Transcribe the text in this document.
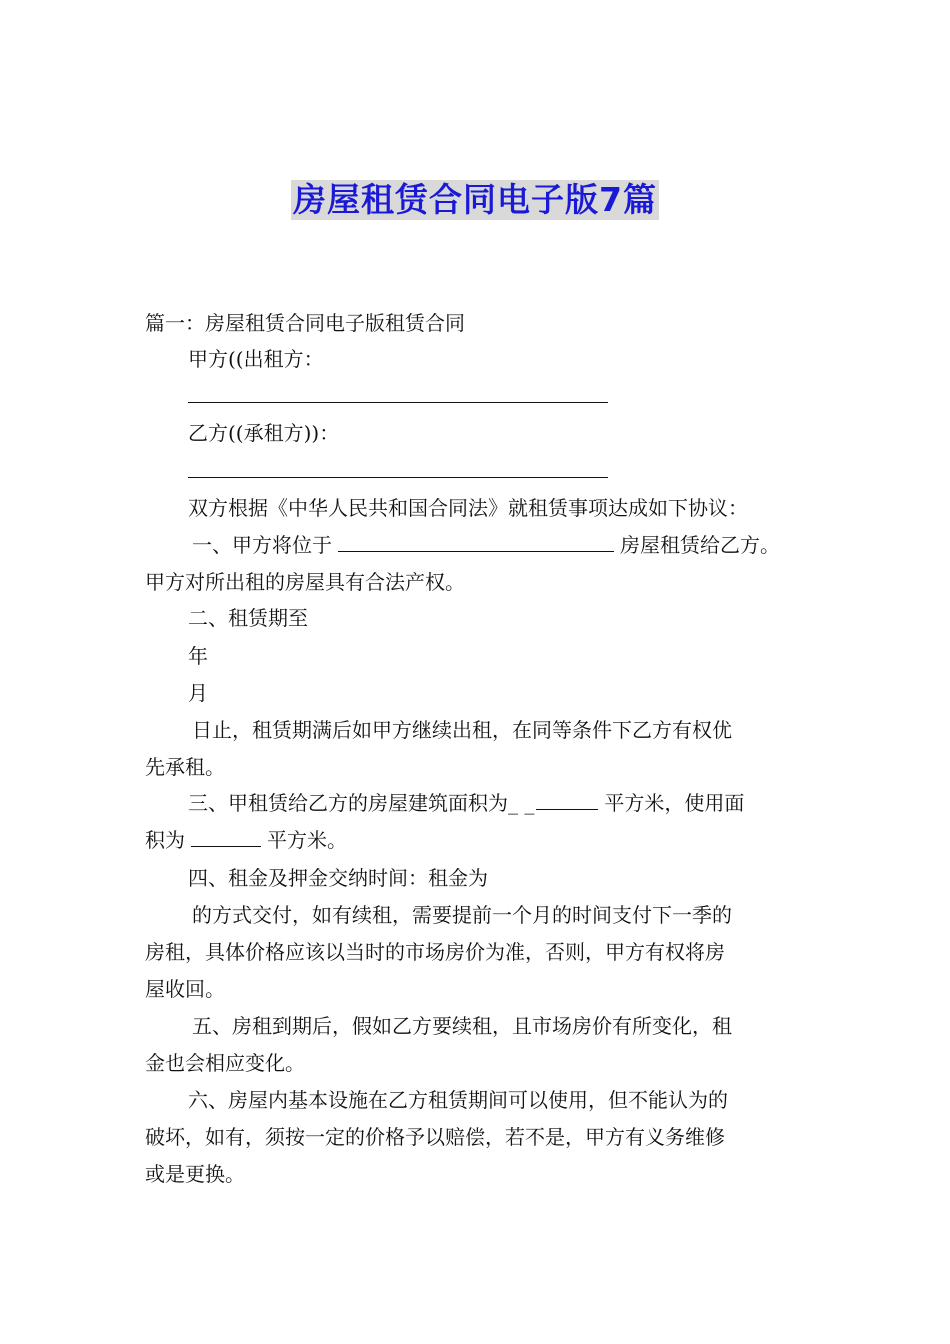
房屋租赁合同电子版7篇
篇一：房屋租赁合同电子版租赁合同
甲方((出租方：
乙方((承租方))：
双方根据《中华人民共和国合同法》就租赁事项达成如下协议：
一、甲方将位于	房屋租赁给乙方。
甲方对所出租的房屋具有合法产权。
二、租赁期至
年
月
日止，租赁期满后如甲方继续出租，在同等条件下乙方有权优
先承租。
三、甲租赁给乙方的房屋建筑面积为_ _	平方米，使用面
积为	平方米。
四、租金及押金交纳时间：租金为
的方式交付，如有续租，需要提前一个月的时间支付下一季的
房租，具体价格应该以当时的市场房价为准，否则，甲方有权将房
屋收回。
五、房租到期后，假如乙方要续租，且市场房价有所变化，租
金也会相应变化。
六、房屋内基本设施在乙方租赁期间可以使用，但不能认为的
破坏，如有，须按一定的价格予以赔偿，若不是，甲方有义务维修
或是更换。
